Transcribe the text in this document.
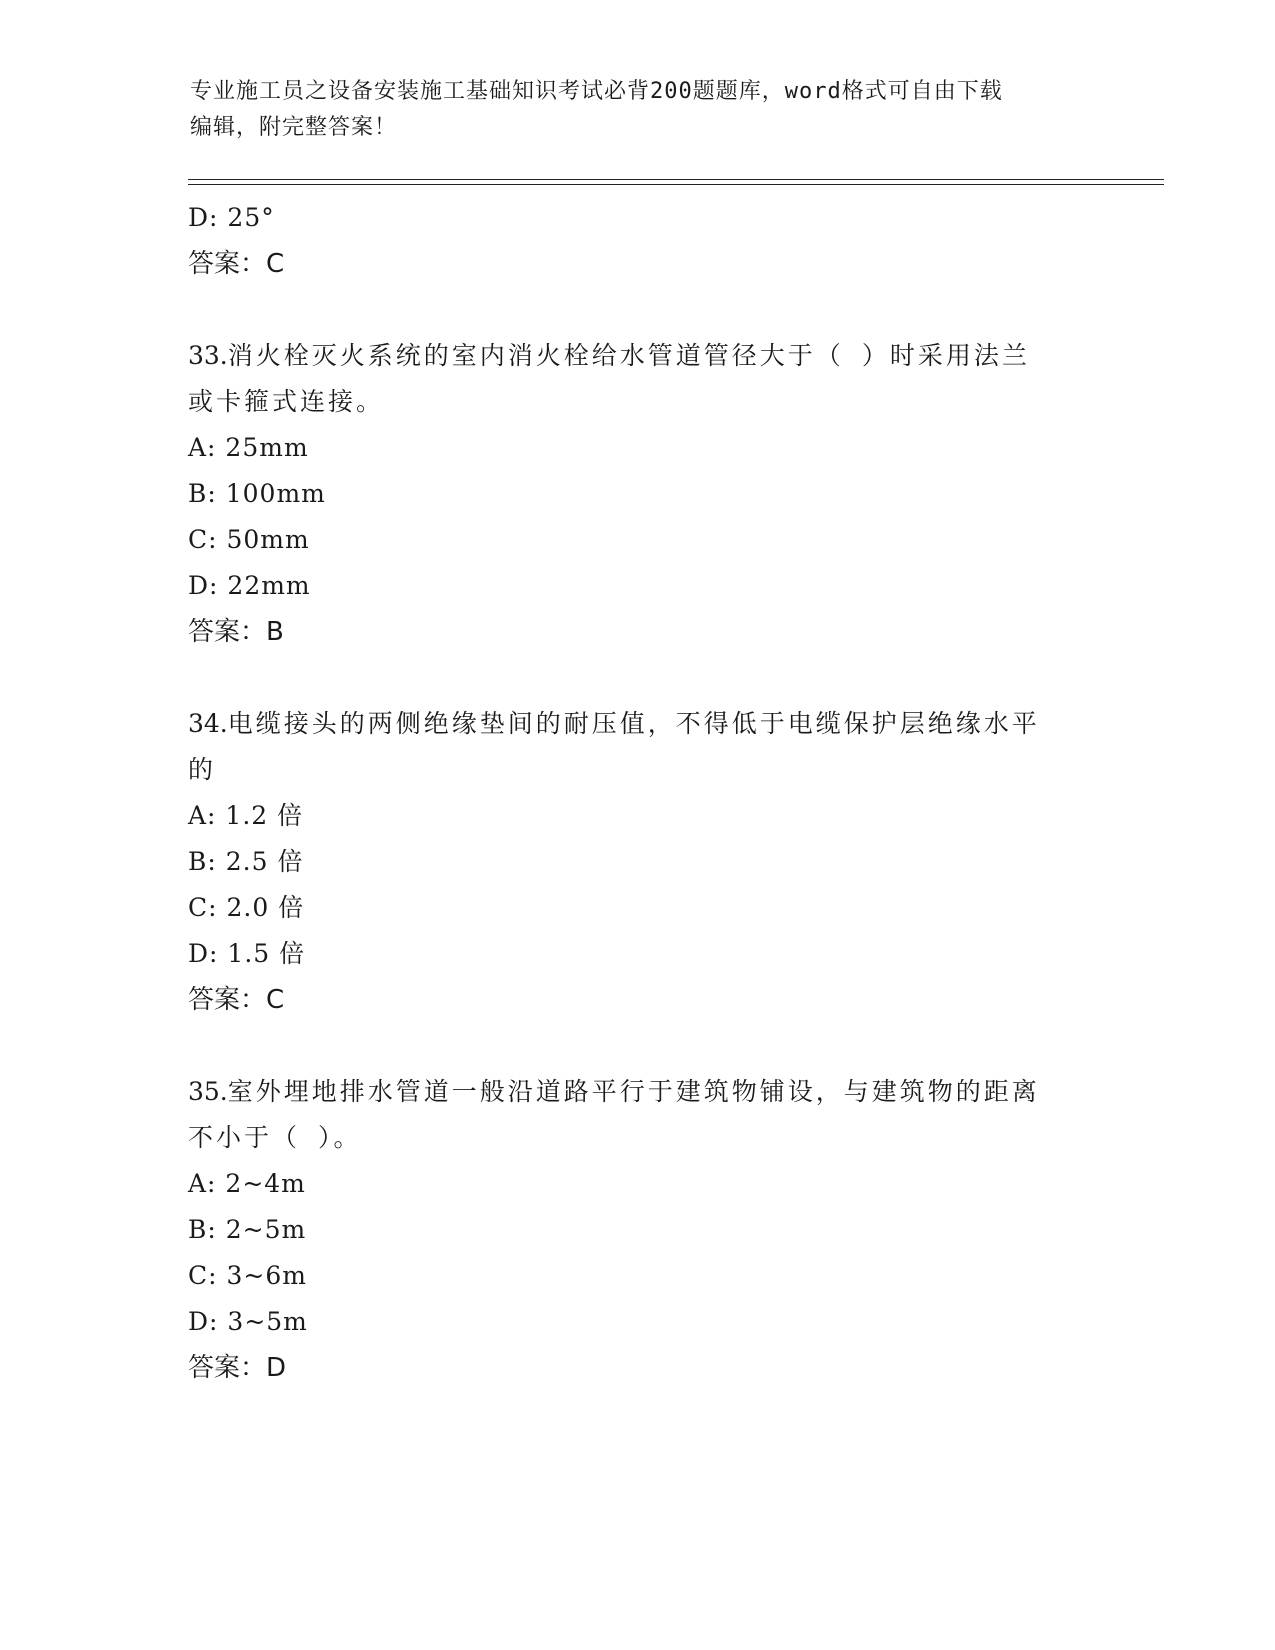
专业施工员之设备安装施工基础知识考试必背200题题库，word格式可自由下载
编辑，附完整答案！
D: 25°
答案：C
33.消火栓灭火系统的室内消火栓给水管道管径大于（ ）时采用法兰
或卡箍式连接。
A: 25mm
B: 100mm
C: 50mm
D: 22mm
答案：B
34.电缆接头的两侧绝缘垫间的耐压值，不得低于电缆保护层绝缘水平
的
A: 1.2 倍
B: 2.5 倍
C: 2.0 倍
D: 1.5 倍
答案：C
35.室外埋地排水管道一般沿道路平行于建筑物铺设，与建筑物的距离
不小于（ ）。
A: 2~4m
B: 2~5m
C: 3~6m
D: 3~5m
答案：D
